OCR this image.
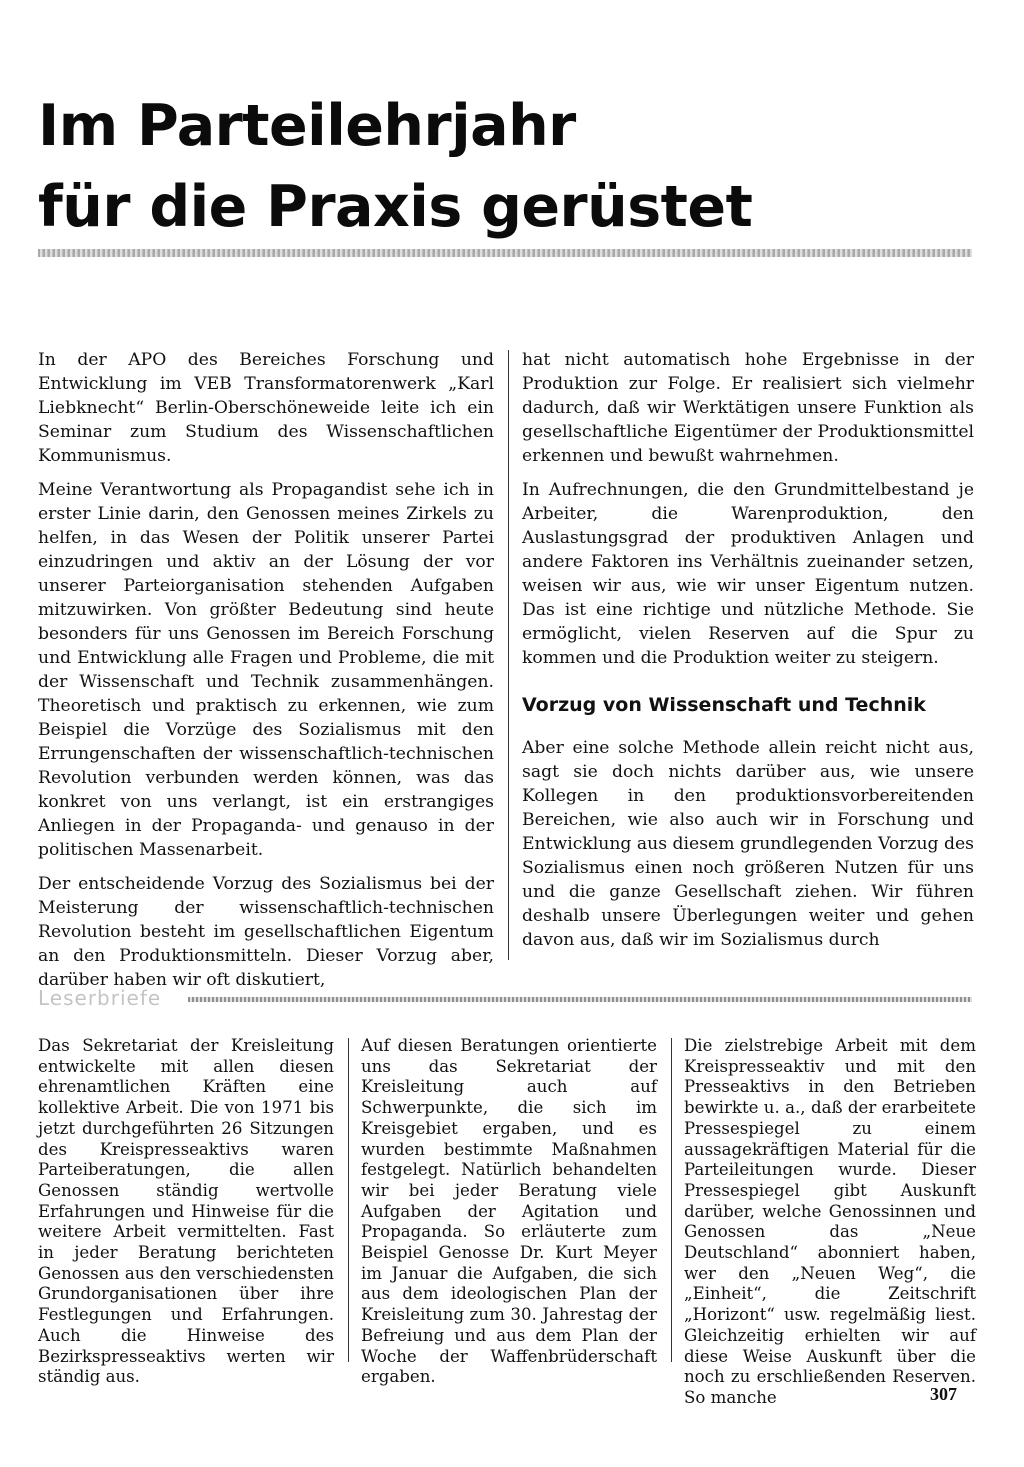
Im Parteilehrjahr
für die Praxis gerüstet

In der APO des Bereiches Forschung und Entwicklung im VEB Transformatorenwerk „Karl Liebknecht“ Berlin-Oberschöneweide leite ich ein Seminar zum Studium des Wissenschaftlichen Kommunismus.

Meine Verantwortung als Propagandist sehe ich in erster Linie darin, den Genossen meines Zirkels zu helfen, in das Wesen der Politik unserer Partei einzudringen und aktiv an der Lösung der vor unserer Parteiorganisation stehenden Aufgaben mitzuwirken. Von größter Bedeutung sind heute besonders für uns Genossen im Bereich Forschung und Entwicklung alle Fragen und Probleme, die mit der Wissenschaft und Technik zusammenhängen. Theoretisch und praktisch zu erkennen, wie zum Beispiel die Vorzüge des Sozialismus mit den Errungenschaften der wissenschaftlich-technischen Revolution verbunden werden können, was das konkret von uns verlangt, ist ein erstrangiges Anliegen in der Propaganda- und genauso in der politischen Massenarbeit.

Der entscheidende Vorzug des Sozialismus bei der Meisterung der wissenschaftlich-technischen Revolution besteht im gesellschaftlichen Eigentum an den Produktionsmitteln. Dieser Vorzug aber, darüber haben wir oft diskutiert,

hat nicht automatisch hohe Ergebnisse in der Produktion zur Folge. Er realisiert sich vielmehr dadurch, daß wir Werktätigen unsere Funktion als gesellschaftliche Eigentümer der Produktionsmittel erkennen und bewußt wahrnehmen.

In Aufrechnungen, die den Grundmittelbestand je Arbeiter, die Warenproduktion, den Auslastungsgrad der produktiven Anlagen und andere Faktoren ins Verhältnis zueinander setzen, weisen wir aus, wie wir unser Eigentum nutzen. Das ist eine richtige und nützliche Methode. Sie ermöglicht, vielen Reserven auf die Spur zu kommen und die Produktion weiter zu steigern.

Vorzug von Wissenschaft und Technik

Aber eine solche Methode allein reicht nicht aus, sagt sie doch nichts darüber aus, wie unsere Kollegen in den produktionsvorbereitenden Bereichen, wie also auch wir in Forschung und Entwicklung aus diesem grundlegenden Vorzug des Sozialismus einen noch größeren Nutzen für uns und die ganze Gesellschaft ziehen. Wir führen deshalb unsere Überlegungen weiter und gehen davon aus, daß wir im Sozialismus durch

Leserbriefe

Das Sekretariat der Kreisleitung entwickelte mit allen diesen ehrenamtlichen Kräften eine kollektive Arbeit. Die von 1971 bis jetzt durchgeführten 26 Sitzungen des Kreispresseaktivs waren Parteiberatungen, die allen Genossen ständig wertvolle Erfahrungen und Hinweise für die weitere Arbeit vermittelten. Fast in jeder Beratung berichteten Genossen aus den verschiedensten Grundorganisationen über ihre Festlegungen und Erfahrungen. Auch die Hinweise des Bezirkspresseaktivs werten wir ständig aus.

Auf diesen Beratungen orientierte uns das Sekretariat der Kreisleitung auch auf Schwerpunkte, die sich im Kreisgebiet ergaben, und es wurden bestimmte Maßnahmen festgelegt. Natürlich behandelten wir bei jeder Beratung viele Aufgaben der Agitation und Propaganda. So erläuterte zum Beispiel Genosse Dr. Kurt Meyer im Januar die Aufgaben, die sich aus dem ideologischen Plan der Kreisleitung zum 30. Jahrestag der Befreiung und aus dem Plan der Woche der Waffenbrüderschaft ergaben.

Die zielstrebige Arbeit mit dem Kreispresseaktiv und mit den Presseaktivs in den Betrieben bewirkte u. a., daß der erarbeitete Pressespiegel zu einem aussagekräftigen Material für die Parteileitungen wurde. Dieser Pressespiegel gibt Auskunft darüber, welche Genossinnen und Genossen das „Neue Deutschland“ abonniert haben, wer den „Neuen Weg“, die „Einheit“, die Zeitschrift „Horizont“ usw. regelmäßig liest. Gleichzeitig erhielten wir auf diese Weise Auskunft über die noch zu erschließenden Reserven. So manche	307
